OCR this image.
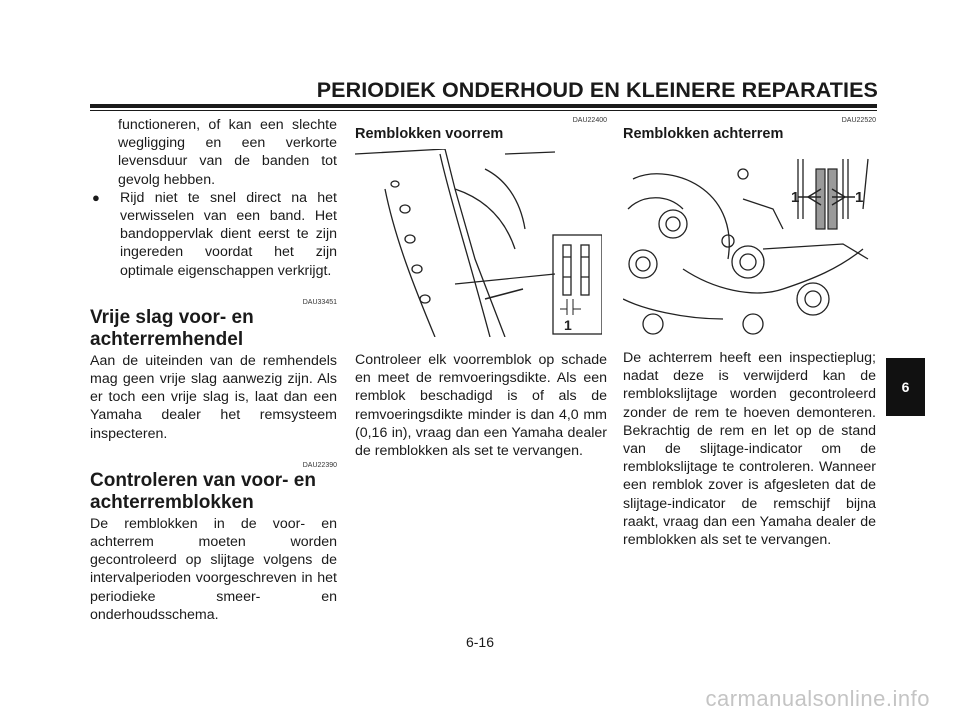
PERIODIEK ONDERHOUD EN KLEINERE REPARATIES

functioneren, of kan een slechte wegligging en een verkorte levensduur van de banden tot gevolg hebben.

●	Rijd niet te snel direct na het verwisselen van een band. Het bandoppervlak dient eerst te zijn ingereden voordat het zijn optimale eigenschappen verkrijgt.

DAU33451

Vrije slag voor- en achterremhendel

Aan de uiteinden van de remhendels mag geen vrije slag aanwezig zijn. Als er toch een vrije slag is, laat dan een Yamaha dealer het remsysteem inspecteren.

DAU22390

Controleren van voor- en achterremblokken

De remblokken in de voor- en achterrem moeten worden gecontroleerd op slijtage volgens de intervalperioden voorgeschreven in het periodieke smeer- en onderhoudsschema.

DAU22400

Remblokken voorrem
1

Controleer elk voorremblok op schade en meet de remvoeringsdikte. Als een remblok beschadigd is of als de remvoeringsdikte minder is dan 4,0 mm (0,16 in), vraag dan een Yamaha dealer de remblokken als set te vervangen.

DAU22520

Remblokken achterrem
1	1

De achterrem heeft een inspectieplug; nadat deze is verwijderd kan de remblokslijtage worden gecontroleerd zonder de rem te hoeven demonteren. Bekrachtig de rem en let op de stand van de slijtage-indicator om de remblokslijtage te controleren. Wanneer een remblok zover is afgesleten dat de slijtage-indicator de remschijf bijna raakt, vraag dan een Yamaha dealer de remblokken als set te vervangen.

6
6-16
carmanualsonline.info
